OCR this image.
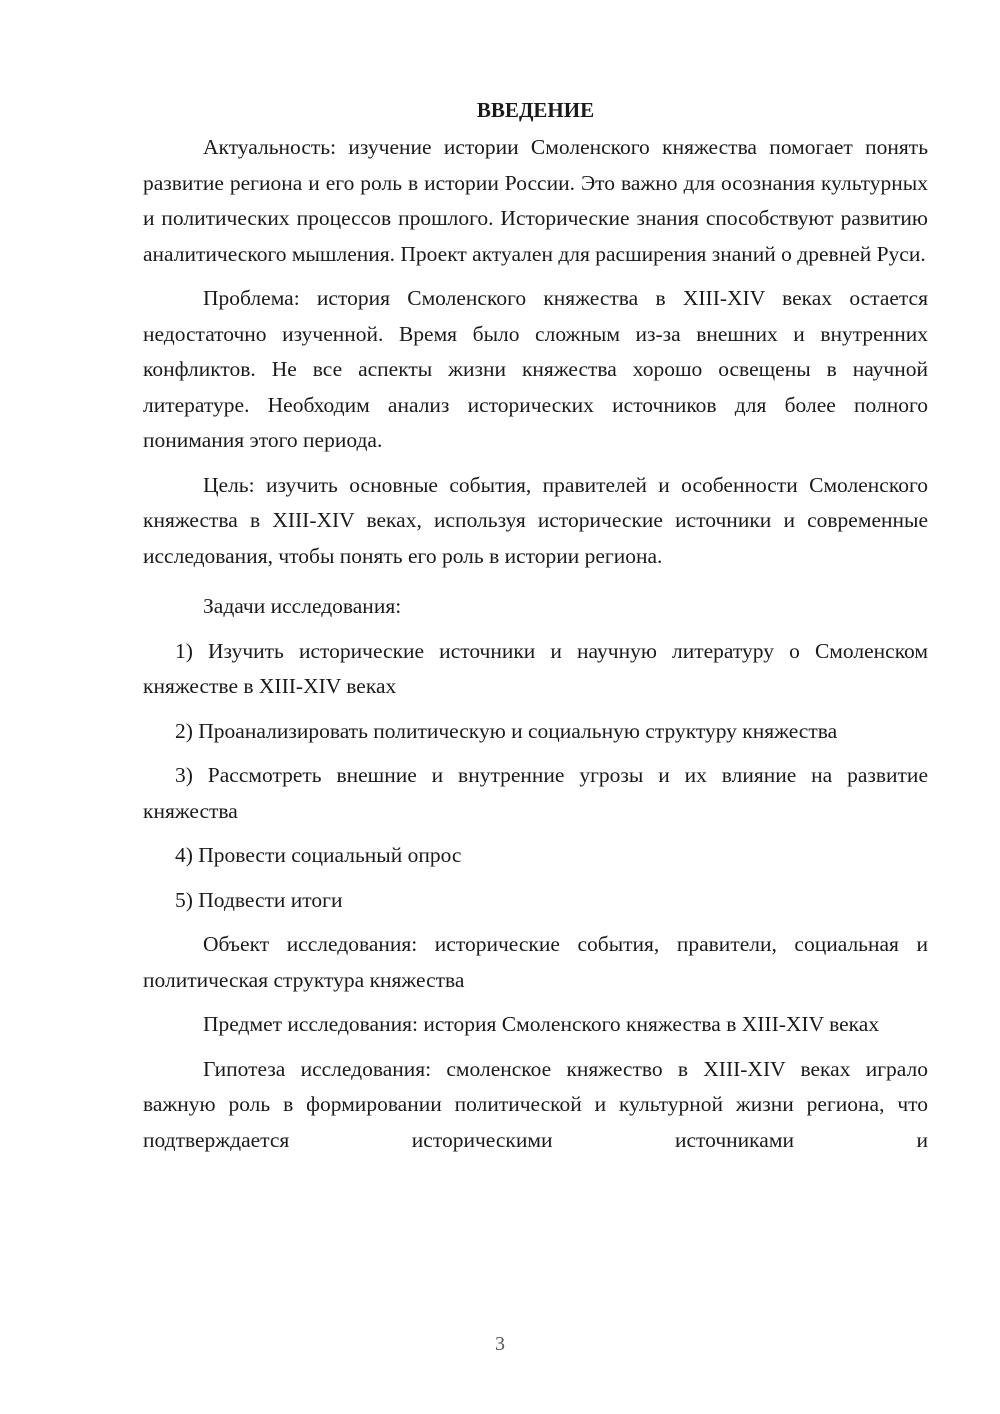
ВВЕДЕНИЕ

Актуальность: изучение истории Смоленского княжества помогает понять развитие региона и его роль в истории России. Это важно для осознания культурных и политических процессов прошлого. Исторические знания способствуют развитию аналитического мышления. Проект актуален для расширения знаний о древней Руси.

Проблема: история Смоленского княжества в XIII-XIV веках остается недостаточно изученной. Время было сложным из-за внешних и внутренних конфликтов. Не все аспекты жизни княжества хорошо освещены в научной литературе. Необходим анализ исторических источников для более полного понимания этого периода.

Цель: изучить основные события, правителей и особенности Смоленского княжества в XIII-XIV веках, используя исторические источники и современные исследования, чтобы понять его роль в истории региона.

Задачи исследования:

1) Изучить исторические источники и научную литературу о Смоленском княжестве в XIII-XIV веках

2) Проанализировать политическую и социальную структуру княжества

3) Рассмотреть внешние и внутренние угрозы и их влияние на развитие княжества

4) Провести социальный опрос

5) Подвести итоги

Объект исследования: исторические события, правители, социальная и политическая структура княжества

Предмет исследования: история Смоленского княжества в XIII-XIV веках

Гипотеза исследования: смоленское княжество в XIII-XIV веках играло важную роль в формировании политической и культурной жизни региона, что подтверждается историческими источниками и

3
